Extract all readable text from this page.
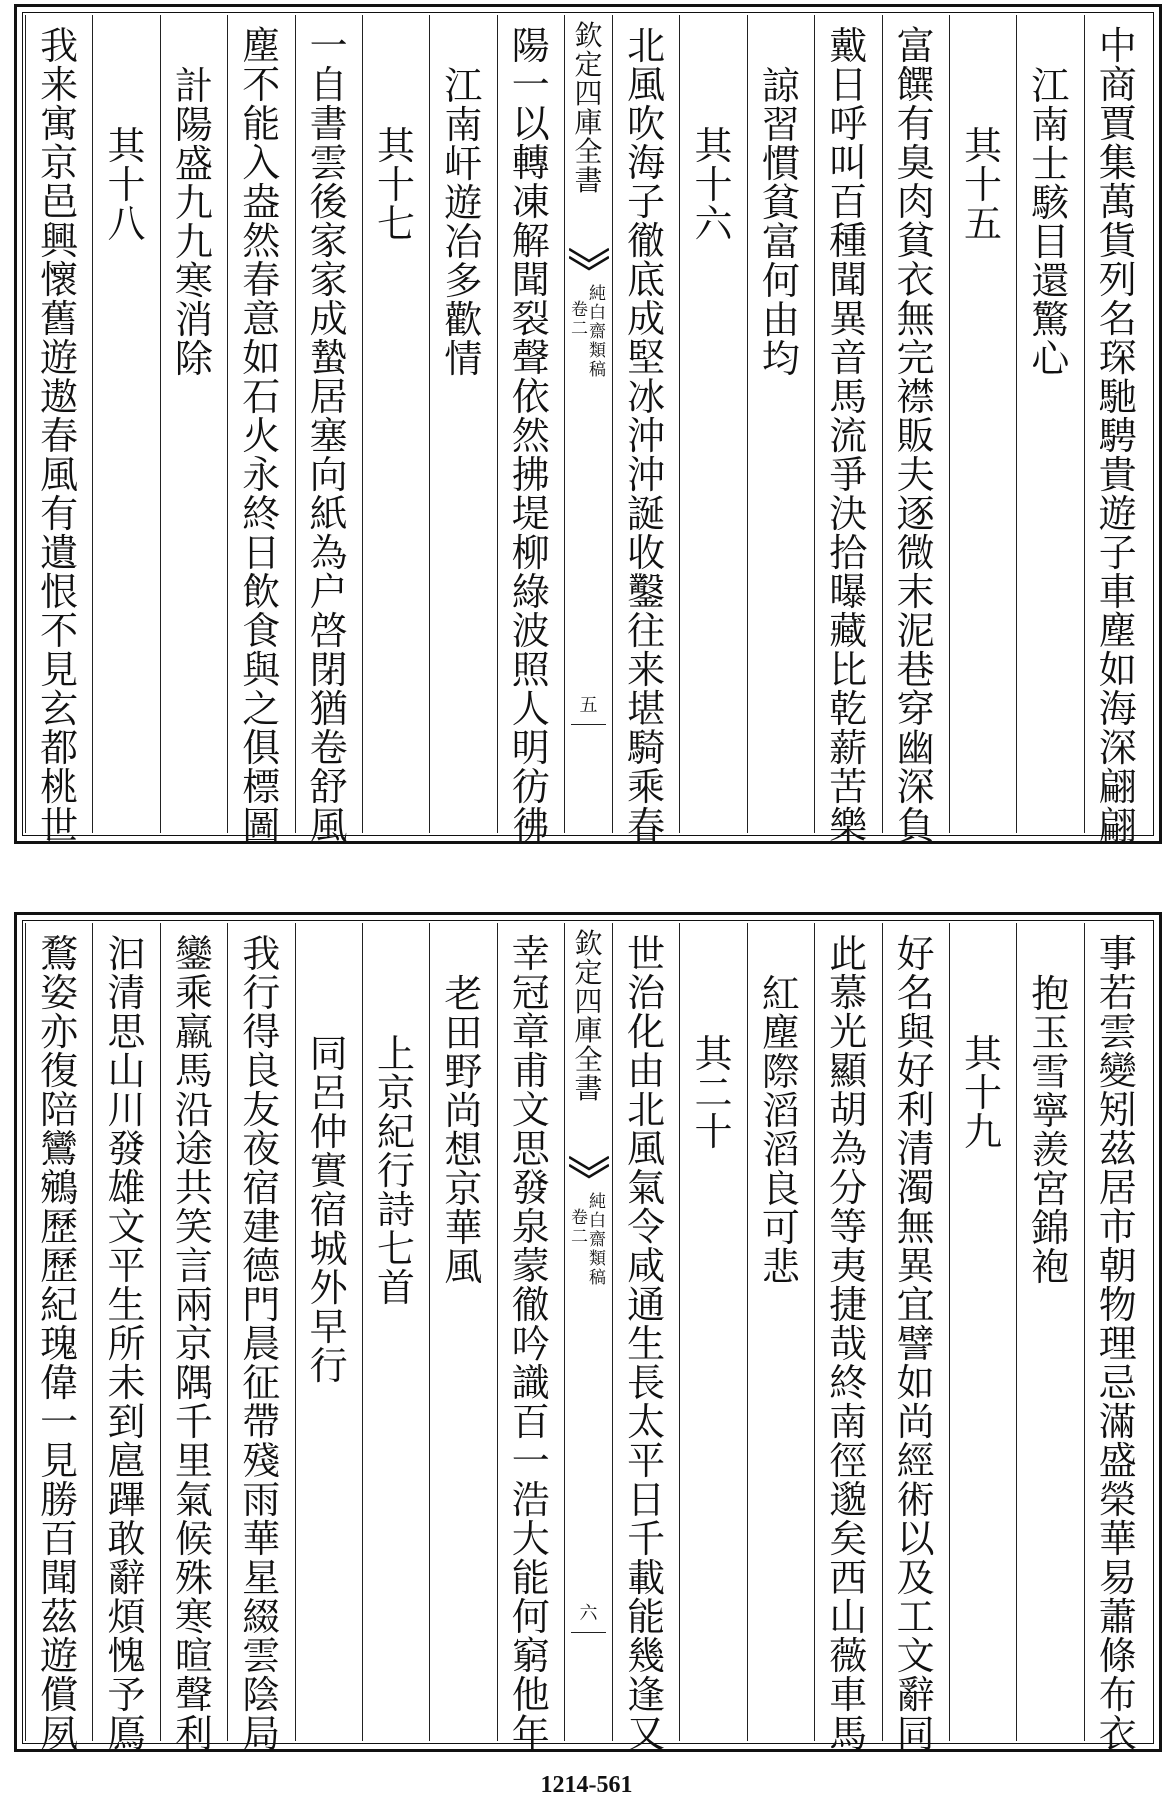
中
商
賈
集
萬
貨
列
名
琛
馳
騁
貴
遊
子
車
塵
如
海
深
翩
翩
江
南
士
駭
目
還
驚
心
其
十
五
富
饌
有
臭
肉
貧
衣
無
完
襟
販
夫
逐
微
末
泥
巷
穿
幽
深
負
戴
日
呼
叫
百
種
聞
異
音
馬
流
爭
決
拾
曝
藏
比
乾
薪
苦
樂
諒
習
慣
貧
富
何
由
均
其
十
六
北
風
吹
海
子
徹
底
成
堅
冰
沖
沖
誕
收
鑿
往
来
堪
騎
乘
春
欽
定
四
庫
全
書
純
白
齋
類
稿
卷
二
五
陽
一
以
轉
凍
解
聞
裂
聲
依
然
拂
堤
柳
綠
波
照
人
明
彷
彿
江
南
屽
遊
冶
多
歡
情
其
十
七
一
自
書
雲
後
家
家
成
蟄
居
塞
向
紙
為
户
啓
閉
猶
卷
舒
風
塵
不
能
入
盎
然
春
意
如
石
火
永
終
日
飲
食
與
之
俱
標
圖
計
陽
盛
九
九
寒
消
除
其
十
八
我
来
寓
京
邑
興
懷
舊
遊
遨
春
風
有
遺
恨
不
見
玄
都
桃
世
事
若
雲
變
矧
茲
居
市
朝
物
理
忌
滿
盛
榮
華
易
蕭
條
布
衣
抱
玉
雪
寧
羨
宮
錦
袍
其
十
九
好
名
與
好
利
清
濁
無
異
宜
譬
如
尚
經
術
以
及
工
文
辭
同
此
慕
光
顯
胡
為
分
等
夷
捷
哉
終
南
徑
邈
矣
西
山
薇
車
馬
紅
塵
際
滔
滔
良
可
悲
其
二
十
世
治
化
由
北
風
氣
令
咸
通
生
長
太
平
日
千
載
能
幾
逢
又
欽
定
四
庫
全
書
純
白
齋
類
稿
卷
二
六
幸
冠
章
甫
文
思
發
泉
蒙
徹
吟
識
百
一
浩
大
能
何
窮
他
年
老
田
野
尚
想
京
華
風
上
京
紀
行
詩
七
首
同
呂
仲
實
宿
城
外
早
行
我
行
得
良
友
夜
宿
建
德
門
晨
征
帶
殘
雨
華
星
綴
雲
陰
局
鑾
乘
羸
馬
沿
途
共
笑
言
兩
京
隅
千
里
氣
候
殊
寒
暄
聲
利
汩
清
思
山
川
發
雄
文
平
生
所
未
到
扈
蹕
敢
辭
煩
愧
予
鳫
鶩
姿
亦
復
陪
鸞
鵷
歷
歷
紀
瑰
偉
一
見
勝
百
聞
茲
遊
償
夙
1214-561
